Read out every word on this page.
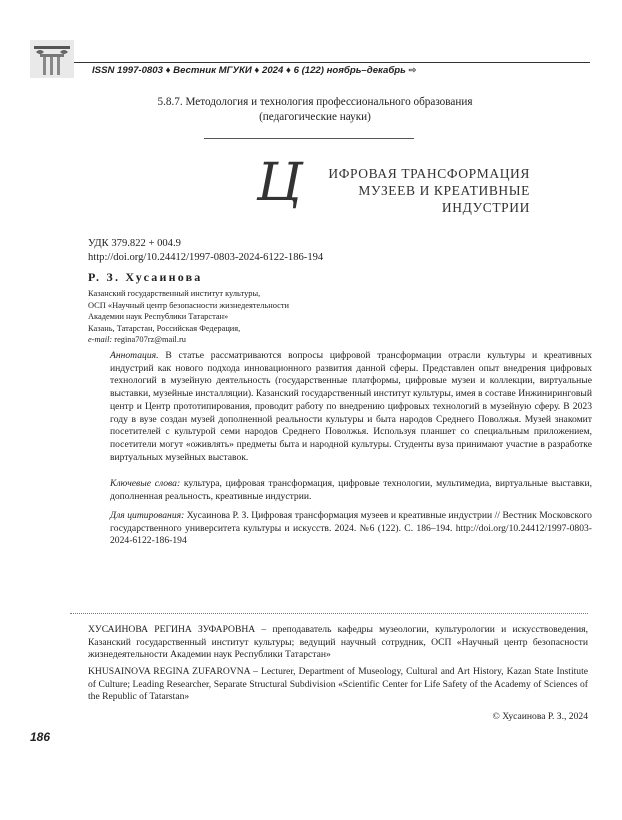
ISSN 1997-0803 ♦ Вестник МГУКИ ♦ 2024 ♦ 6 (122) ноябрь–декабрь ⇨
5.8.7. Методология и технология профессионального образования
(педагогические науки)
Ц	ИФРОВАЯ ТРАНСФОРМАЦИЯ
МУЗЕЕВ И КРЕАТИВНЫЕ
ИНДУСТРИИ
УДК 379.822 + 004.9
http://doi.org/10.24412/1997-0803-2024-6122-186-194
Р. З. Хусаинова
Казанский государственный институт культуры,
ОСП «Научный центр безопасности жизнедеятельности
Академии наук Республики Татарстан»
Казань, Татарстан, Российская Федерация,
e-mail: regina707rz@mail.ru
Аннотация. В статье рассматриваются вопросы цифровой трансформации отрасли культуры и креативных индустрий как нового подхода инновационного развития данной сферы. Представлен опыт внедрения цифровых технологий в музейную деятельность (государственные платформы, цифровые музеи и коллекции, виртуальные выставки, музейные инсталляции). Казанский государственный институт культуры, имея в составе Инжиниринговый центр и Центр прототипирования, проводит работу по внедрению цифровых технологий в музейную сферу. В 2023 году в вузе создан музей дополненной реальности культуры и быта народов Среднего Поволжья. Музей знакомит посетителей с культурой семи народов Среднего Поволжья. Используя планшет со специальным приложением, посетители могут «оживлять» предметы быта и народной культуры. Студенты вуза принимают участие в разработке виртуальных музейных выставок.
Ключевые слова: культура, цифровая трансформация, цифровые технологии, мультимедиа, виртуальные выставки, дополненная реальность, креативные индустрии.
Для цитирования: Хусаинова Р. З. Цифровая трансформация музеев и креативные индустрии // Вестник Московского государственного университета культуры и искусств. 2024. №6 (122). С. 186–194. http://doi.org/10.24412/1997-0803-2024-6122-186-194
ХУСАИНОВА РЕГИНА ЗУФАРОВНА – преподаватель кафедры музеологии, культурологии и искусствоведения, Казанский государственный институт культуры; ведущий научный сотрудник, ОСП «Научный центр безопасности жизнедеятельности Академии наук Республики Татарстан»
KHUSAINOVA REGINA ZUFAROVNA – Lecturer, Department of Museology, Cultural and Art History, Kazan State Institute of Culture; Leading Researcher, Separate Structural Subdivision «Scientific Center for Life Safety of the Academy of Sciences of the Republic of Tatarstan»
© Хусаинова Р. З., 2024
186
